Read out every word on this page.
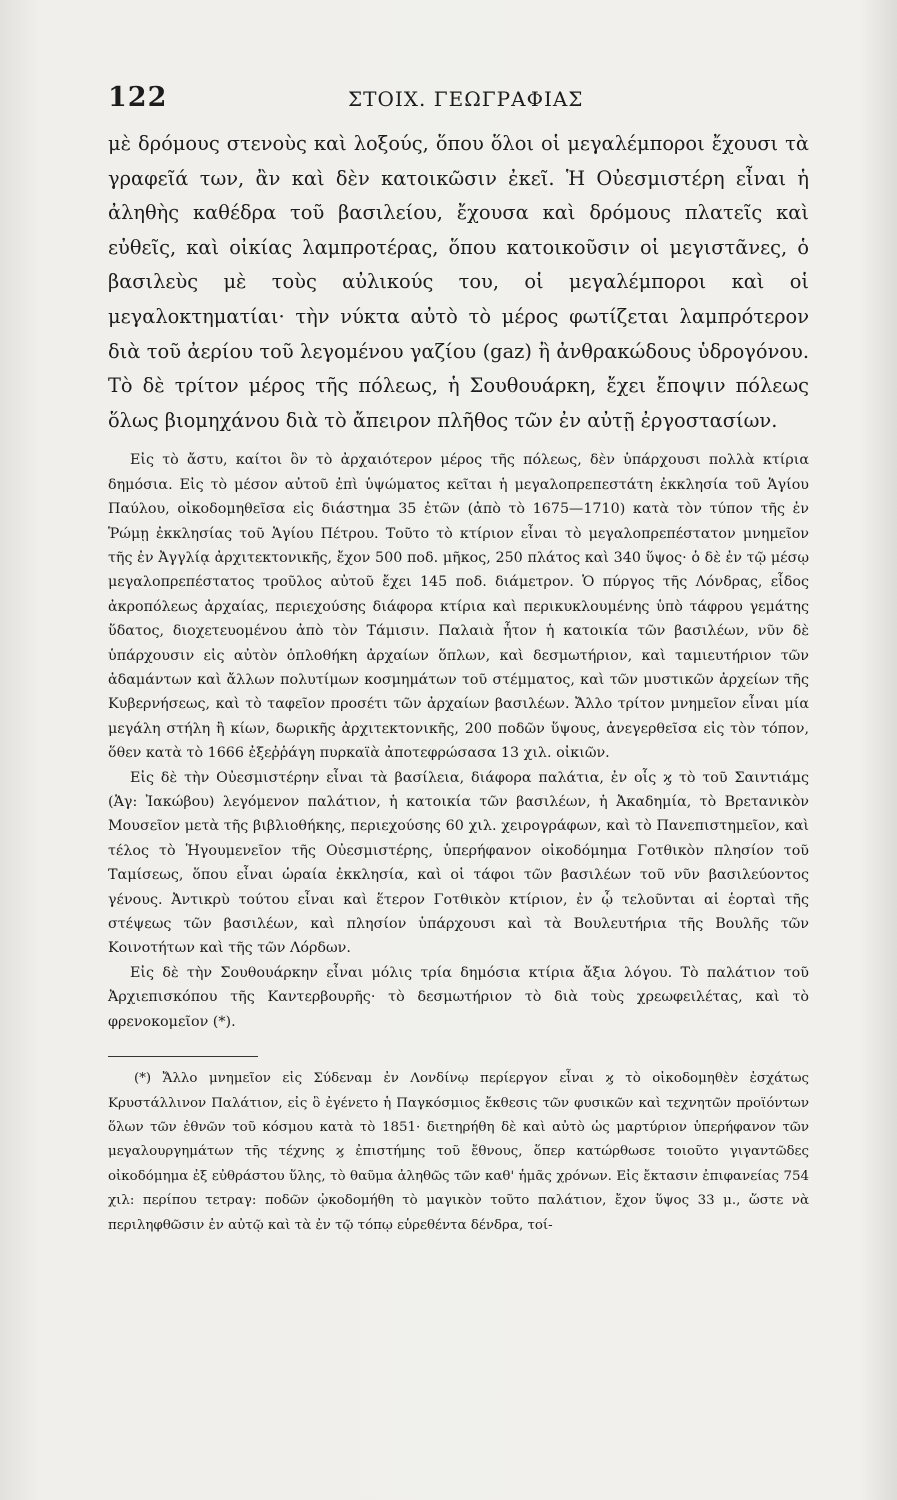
122	ΣΤΟΙΧ. ΓΕΩΓΡΑΦΙΑΣ

μὲ δρόμους στενοὺς καὶ λοξούς, ὅπου ὅλοι οἱ μεγαλέμποροι ἔχουσι τὰ γραφεῖά των, ἂν καὶ δὲν κατοικῶσιν ἐκεῖ. Ἡ Οὐεσμιστέρη εἶναι ἡ ἀληθὴς καθέδρα τοῦ βασιλείου, ἔχουσα καὶ δρόμους πλατεῖς καὶ εὐθεῖς, καὶ οἰκίας λαμπροτέρας, ὅπου κατοικοῦσιν οἱ μεγιστᾶνες, ὁ βασιλεὺς μὲ τοὺς αὐλικούς του, οἱ μεγαλέμποροι καὶ οἱ μεγαλοκτηματίαι· τὴν νύκτα αὐτὸ τὸ μέρος φωτίζεται λαμπρότερον διὰ τοῦ ἀερίου τοῦ λεγομένου γαζίου (gaz) ἢ ἀνθρακώδους ὑδρογόνου. Τὸ δὲ τρίτον μέρος τῆς πόλεως, ἡ Σουθουάρκη, ἔχει ἔποψιν πόλεως ὅλως βιομηχάνου διὰ τὸ ἄπειρον πλῆθος τῶν ἐν αὐτῇ ἐργοστασίων.

Εἰς τὸ ἄστυ, καίτοι ὂν τὸ ἀρχαιότερον μέρος τῆς πόλεως, δὲν ὑπάρχουσι πολλὰ κτίρια δημόσια. Εἰς τὸ μέσον αὐτοῦ ἐπὶ ὑψώματος κεῖται ἡ μεγαλοπρεπεστάτη ἐκκλησία τοῦ Ἁγίου Παύλου, οἰκοδομηθεῖσα εἰς διάστημα 35 ἐτῶν (ἀπὸ τὸ 1675—1710) κατὰ τὸν τύπον τῆς ἐν Ῥώμῃ ἐκκλησίας τοῦ Ἁγίου Πέτρου. Τοῦτο τὸ κτίριον εἶναι τὸ μεγαλοπρεπέστατον μνημεῖον τῆς ἐν Ἀγγλίᾳ ἀρχιτεκτονικῆς, ἔχον 500 ποδ. μῆκος, 250 πλάτος καὶ 340 ὕψος· ὁ δὲ ἐν τῷ μέσῳ μεγαλοπρεπέστατος τροῦλος αὐτοῦ ἔχει 145 ποδ. διάμετρον. Ὁ πύργος τῆς Λόνδρας, εἶδος ἀκροπόλεως ἀρχαίας, περιεχούσης διάφορα κτίρια καὶ περικυκλουμένης ὑπὸ τάφρου γεμάτης ὕδατος, διοχετευομένου ἀπὸ τὸν Τάμισιν. Παλαιὰ ἦτον ἡ κατοικία τῶν βασιλέων, νῦν δὲ ὑπάρχουσιν εἰς αὐτὸν ὁπλοθήκη ἀρχαίων ὅπλων, καὶ δεσμωτήριον, καὶ ταμιευτήριον τῶν ἀδαμάντων καὶ ἄλλων πολυτίμων κοσμημάτων τοῦ στέμματος, καὶ τῶν μυστικῶν ἀρχείων τῆς Κυβερνήσεως, καὶ τὸ ταφεῖον προσέτι τῶν ἀρχαίων βασιλέων. Ἄλλο τρίτον μνημεῖον εἶναι μία μεγάλη στήλη ἢ κίων, δωρικῆς ἀρχιτεκτονικῆς, 200 ποδῶν ὕψους, ἀνεγερθεῖσα εἰς τὸν τόπον, ὅθεν κατὰ τὸ 1666 ἐξεῤῥάγη πυρκαϊὰ ἀποτεφρώσασα 13 χιλ. οἰκιῶν.

Εἰς δὲ τὴν Οὐεσμιστέρην εἶναι τὰ βασίλεια, διάφορα παλάτια, ἐν οἷς ϗ τὸ τοῦ Σαιντιάμς (Ἁγ: Ἰακώβου) λεγόμενον παλάτιον, ἡ κατοικία τῶν βασιλέων, ἡ Ἀκαδημία, τὸ Βρετανικὸν Μουσεῖον μετὰ τῆς βιβλιοθήκης, περιεχούσης 60 χιλ. χειρογράφων, καὶ τὸ Πανεπιστημεῖον, καὶ τέλος τὸ Ἡγουμενεῖον τῆς Οὐεσμιστέρης, ὑπερήφανον οἰκοδόμημα Γοτθικὸν πλησίον τοῦ Ταμίσεως, ὅπου εἶναι ὡραία ἐκκλησία, καὶ οἱ τάφοι τῶν βασιλέων τοῦ νῦν βασιλεύοντος γένους. Ἀντικρὺ τούτου εἶναι καὶ ἕτερον Γοτθικὸν κτίριον, ἐν ᾧ τελοῦνται αἱ ἑορταὶ τῆς στέψεως τῶν βασιλέων, καὶ πλησίον ὑπάρχουσι καὶ τὰ Βουλευτήρια τῆς Βουλῆς τῶν Κοινοτήτων καὶ τῆς τῶν Λόρδων.

Εἰς δὲ τὴν Σουθουάρκην εἶναι μόλις τρία δημόσια κτίρια ἄξια λόγου. Τὸ παλάτιον τοῦ Ἀρχιεπισκόπου τῆς Καντερβουρῆς· τὸ δεσμωτήριον τὸ διὰ τοὺς χρεωφειλέτας, καὶ τὸ φρενοκομεῖον (*).

(*) Ἄλλο μνημεῖον εἰς Σύδεναμ ἐν Λονδίνῳ περίεργον εἶναι ϗ τὸ οἰκοδομηθὲν ἐσχάτως Κρυστάλλινον Παλάτιον, εἰς ὃ ἐγένετο ἡ Παγκόσμιος ἔκθεσις τῶν φυσικῶν καὶ τεχνητῶν προϊόντων ὅλων τῶν ἐθνῶν τοῦ κόσμου κατὰ τὸ 1851· διετηρήθη δὲ καὶ αὐτὸ ὡς μαρτύριον ὑπερήφανον τῶν μεγαλουργημάτων τῆς τέχνης ϗ ἐπιστήμης τοῦ ἔθνους, ὅπερ κατώρθωσε τοιοῦτο γιγαντῶδες οἰκοδόμημα ἐξ εὐθράστου ὕλης, τὸ θαῦμα ἀληθῶς τῶν καθ' ἡμᾶς χρόνων. Εἰς ἔκτασιν ἐπιφανείας 754 χιλ: περίπου τετραγ: ποδῶν ᾠκοδομήθη τὸ μαγικὸν τοῦτο παλάτιον, ἔχον ὕψος 33 μ., ὥστε νὰ περιληφθῶσιν ἐν αὐτῷ καὶ τὰ ἐν τῷ τόπῳ εὑρεθέντα δένδρα, τοί-
